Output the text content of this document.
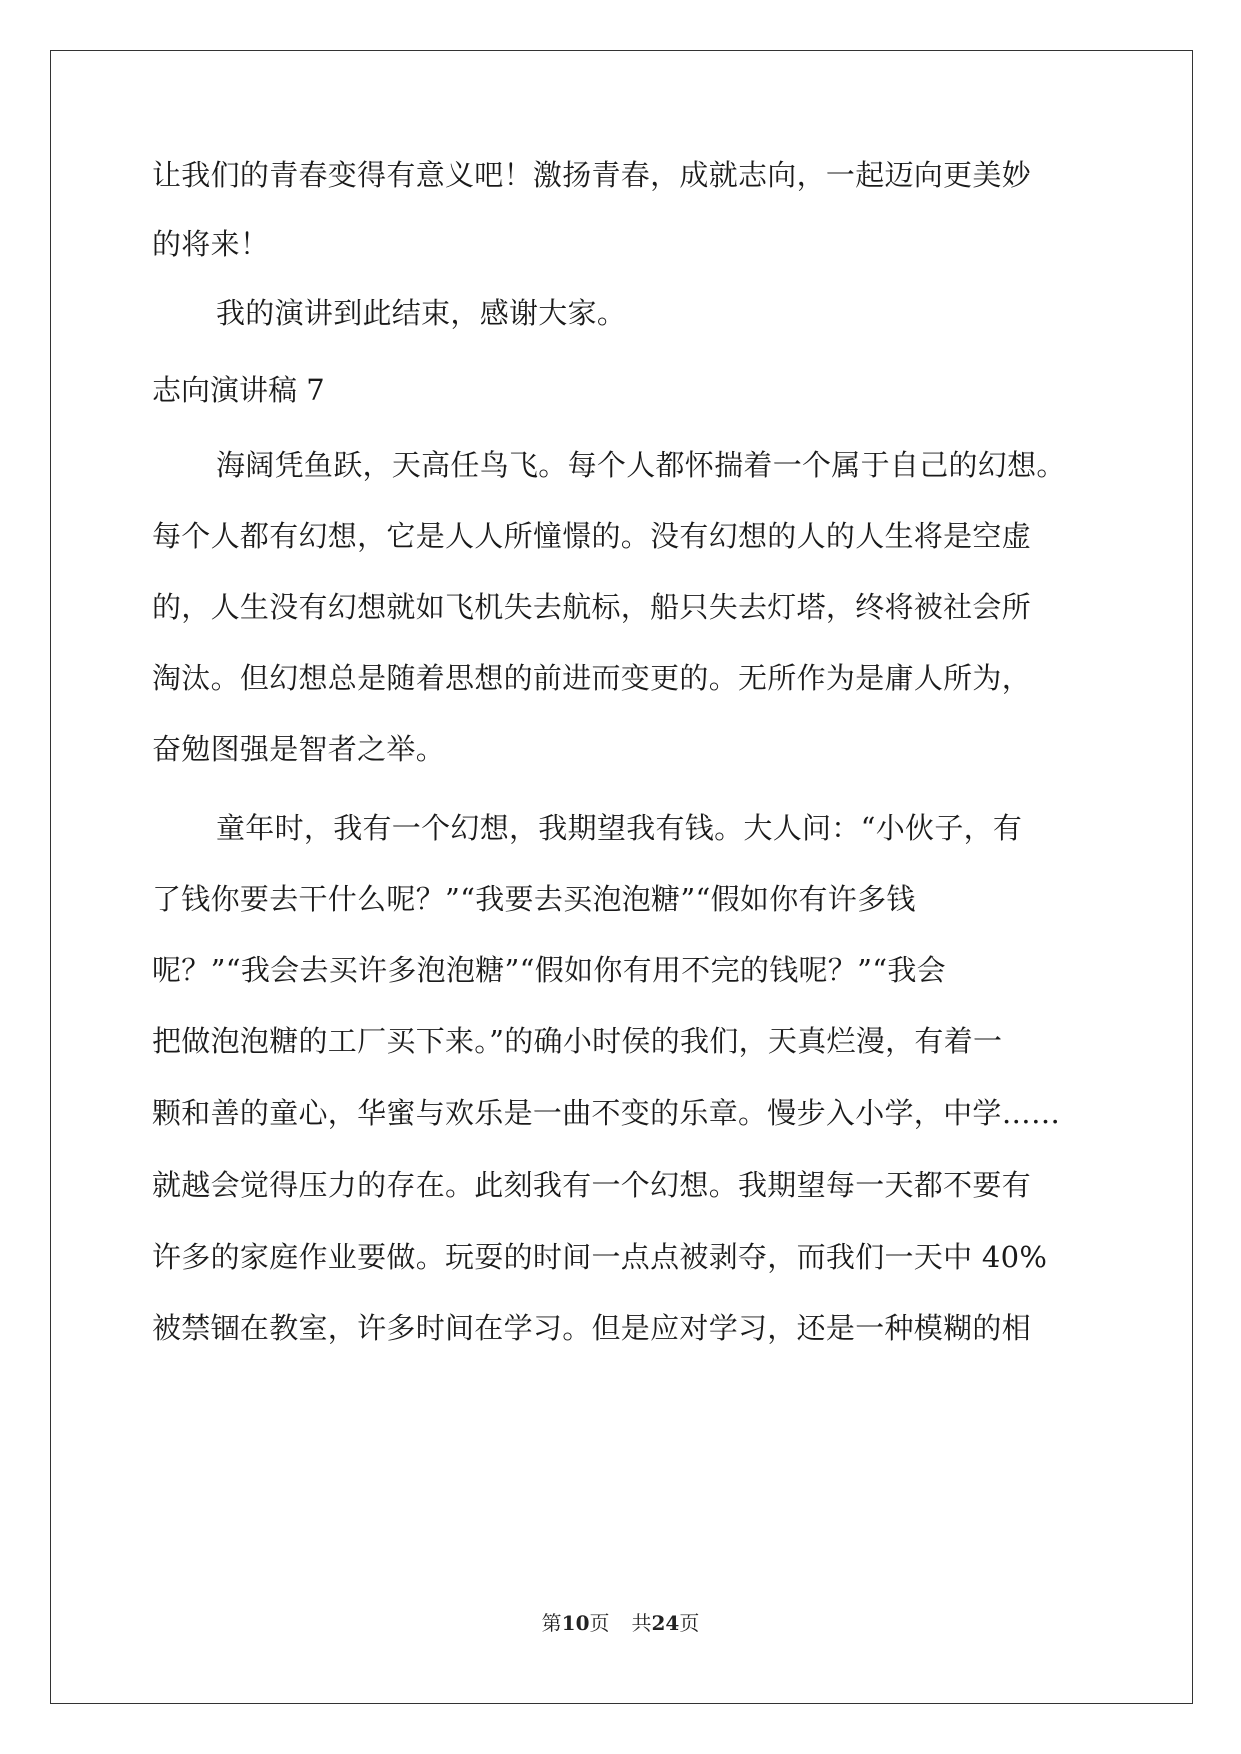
让我们的青春变得有意义吧！激扬青春，成就志向，一起迈向更美妙
的将来！
我的演讲到此结束，感谢大家。
志向演讲稿 7
海阔凭鱼跃，天高任鸟飞。每个人都怀揣着一个属于自己的幻想。
每个人都有幻想，它是人人所憧憬的。没有幻想的人的人生将是空虚
的，人生没有幻想就如飞机失去航标，船只失去灯塔，终将被社会所
淘汰。但幻想总是随着思想的前进而变更的。无所作为是庸人所为，
奋勉图强是智者之举。
童年时，我有一个幻想，我期望我有钱。大人问：“小伙子，有
了钱你要去干什么呢？”“我要去买泡泡糖”“假如你有许多钱
呢？”“我会去买许多泡泡糖”“假如你有用不完的钱呢？”“我会
把做泡泡糖的工厂买下来。”的确小时侯的我们，天真烂漫，有着一
颗和善的童心，华蜜与欢乐是一曲不变的乐章。慢步入小学，中学……
就越会觉得压力的存在。此刻我有一个幻想。我期望每一天都不要有
许多的家庭作业要做。玩耍的时间一点点被剥夺，而我们一天中 40%
被禁锢在教室，许多时间在学习。但是应对学习，还是一种模糊的相
第10页 共24页
